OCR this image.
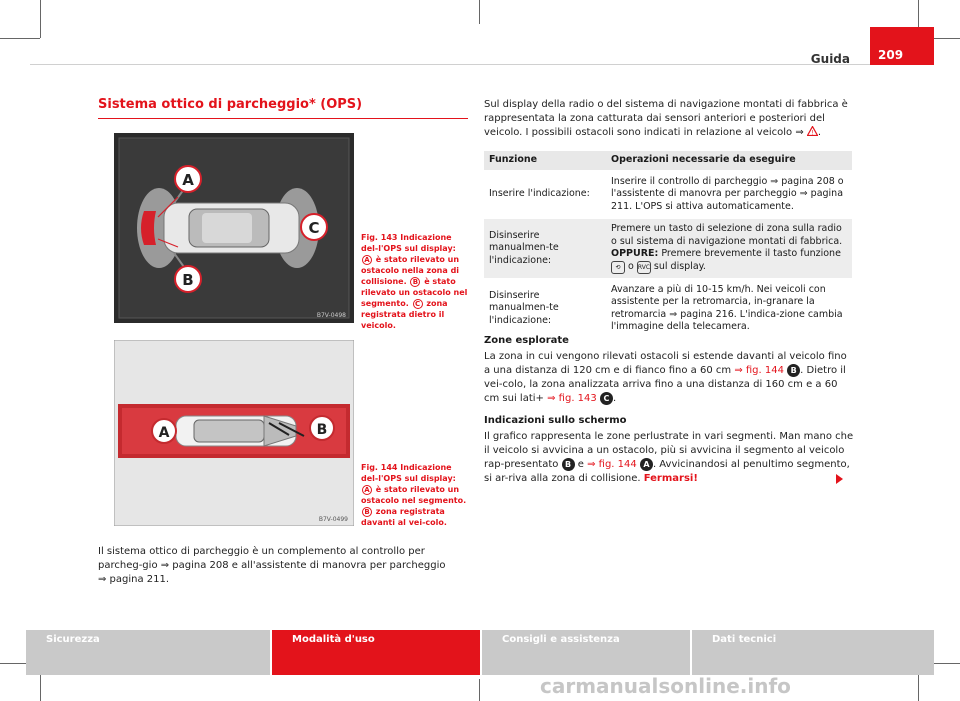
Guida 209
Sistema ottico di parcheggio* (OPS)
A
B
C
B7V-0498
Fig. 143 Indicazione del-l'OPS sul display: A è stato rilevato un ostacolo nella zona di collisione. B è stato rilevato un ostacolo nel segmento. C zona registrata dietro il veicolo.
A	B
B7V-0499
Fig. 144 Indicazione del-l'OPS sul display: A è stato rilevato un ostacolo nel segmento. B zona registrata davanti al vei-colo.
Il sistema ottico di parcheggio è un complemento al controllo per parcheg-gio ⇒ pagina 208 e all'assistente di manovra per parcheggio
⇒ pagina 211.
Sul display della radio o del sistema di navigazione montati di fabbrica è rappresentata la zona catturata dai sensori anteriori e posteriori del veicolo. I possibili ostacoli sono indicati in relazione al veicolo ⇒ ! .
Funzione	Operazioni necessarie da eseguire
Inserire l'indicazione:	Inserire il controllo di parcheggio ⇒ pagina 208 o l'assistente di manovra per parcheggio ⇒ pagina 211. L'OPS si attiva automaticamente.
Disinserire manualmen-te l'indicazione:	Premere un tasto di selezione di zona sulla radio o sul sistema di navigazione montati di fabbrica.
OPPURE: Premere brevemente il tasto funzione
⟲ o RVC sul display.
Disinserire manualmen-te l'indicazione:	Avanzare a più di 10-15 km/h. Nei veicoli con assistente per la retromarcia, in-granare la retromarcia ⇒ pagina 216. L'indica-zione cambia l'immagine della telecamera.
Zone esplorate
La zona in cui vengono rilevati ostacoli si estende davanti al veicolo fino a una distanza di 120 cm e di fianco fino a 60 cm ⇒ fig. 144 B . Dietro il vei-colo, la zona analizzata arriva fino a una distanza di 160 cm e a 60 cm sui lati+ ⇒ fig. 143 C .
Indicazioni sullo schermo
Il grafico rappresenta le zone perlustrate in vari segmenti. Man mano che il veicolo si avvicina a un ostacolo, più si avvicina il segmento al veicolo rap-presentato B e ⇒ fig. 144 A . Avvicinandosi al penultimo segmento, si ar-riva alla zona di collisione. Fermarsi!
Sicurezza	Modalità d'uso	Consigli e assistenza	Dati tecnici
carmanualsonline.info
